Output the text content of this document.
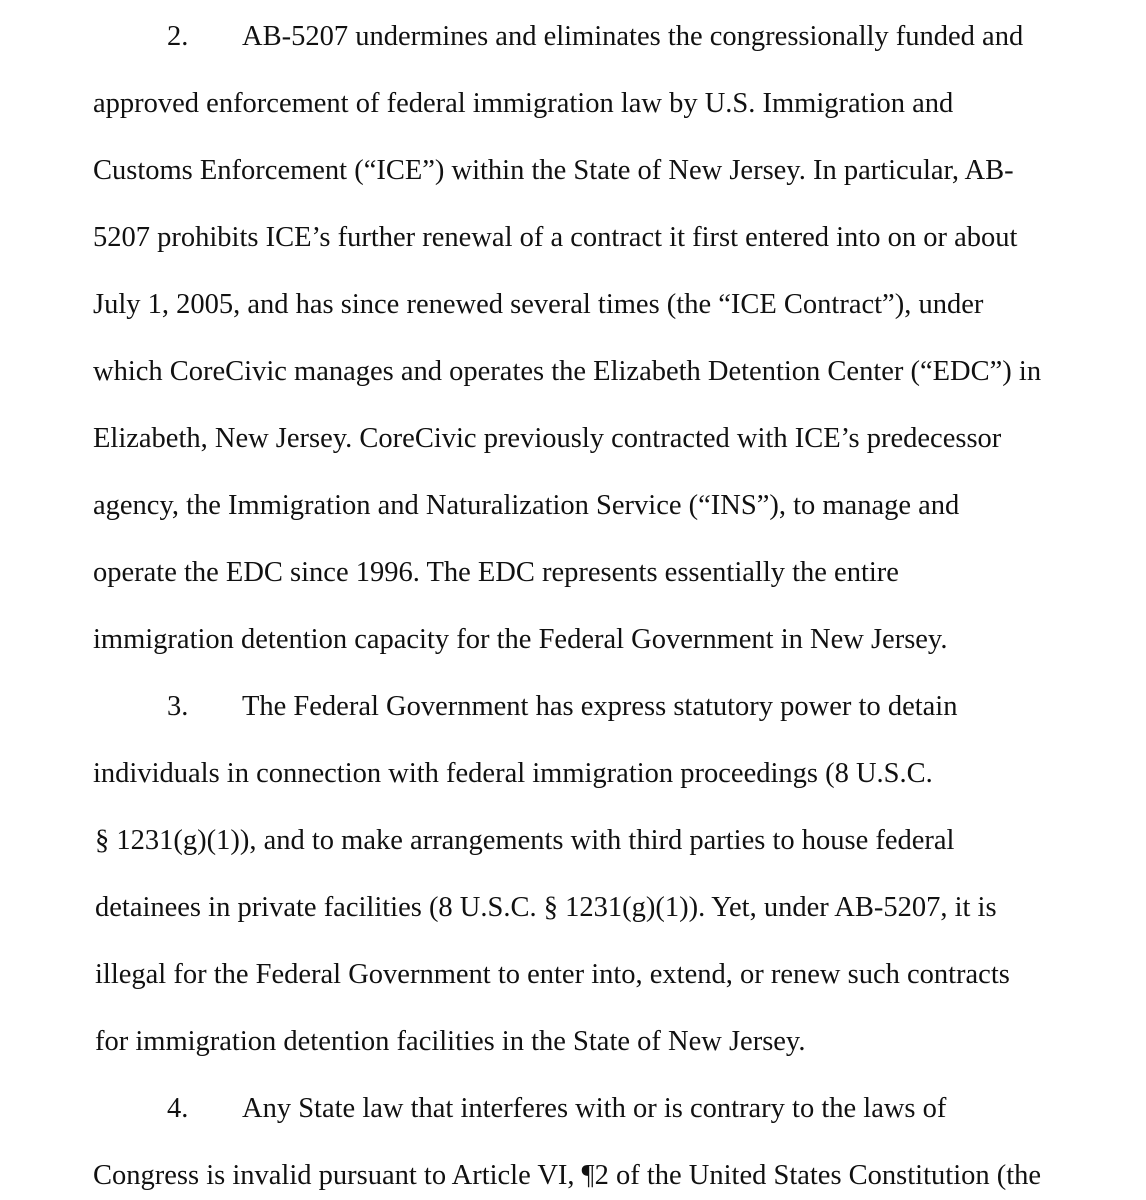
2. AB-5207 undermines and eliminates the congressionally funded and
approved enforcement of federal immigration law by U.S. Immigration and
Customs Enforcement (“ICE”) within the State of New Jersey. In particular, AB-
5207 prohibits ICE’s further renewal of a contract it first entered into on or about
July 1, 2005, and has since renewed several times (the “ICE Contract”), under
which CoreCivic manages and operates the Elizabeth Detention Center (“EDC”) in
Elizabeth, New Jersey. CoreCivic previously contracted with ICE’s predecessor
agency, the Immigration and Naturalization Service (“INS”), to manage and
operate the EDC since 1996. The EDC represents essentially the entire
immigration detention capacity for the Federal Government in New Jersey.
3. The Federal Government has express statutory power to detain
individuals in connection with federal immigration proceedings (8 U.S.C.
§ 1231(g)(1)), and to make arrangements with third parties to house federal
detainees in private facilities (8 U.S.C. § 1231(g)(1)). Yet, under AB-5207, it is
illegal for the Federal Government to enter into, extend, or renew such contracts
for immigration detention facilities in the State of New Jersey.
4. Any State law that interferes with or is contrary to the laws of
Congress is invalid pursuant to Article VI, ¶2 of the United States Constitution (the
